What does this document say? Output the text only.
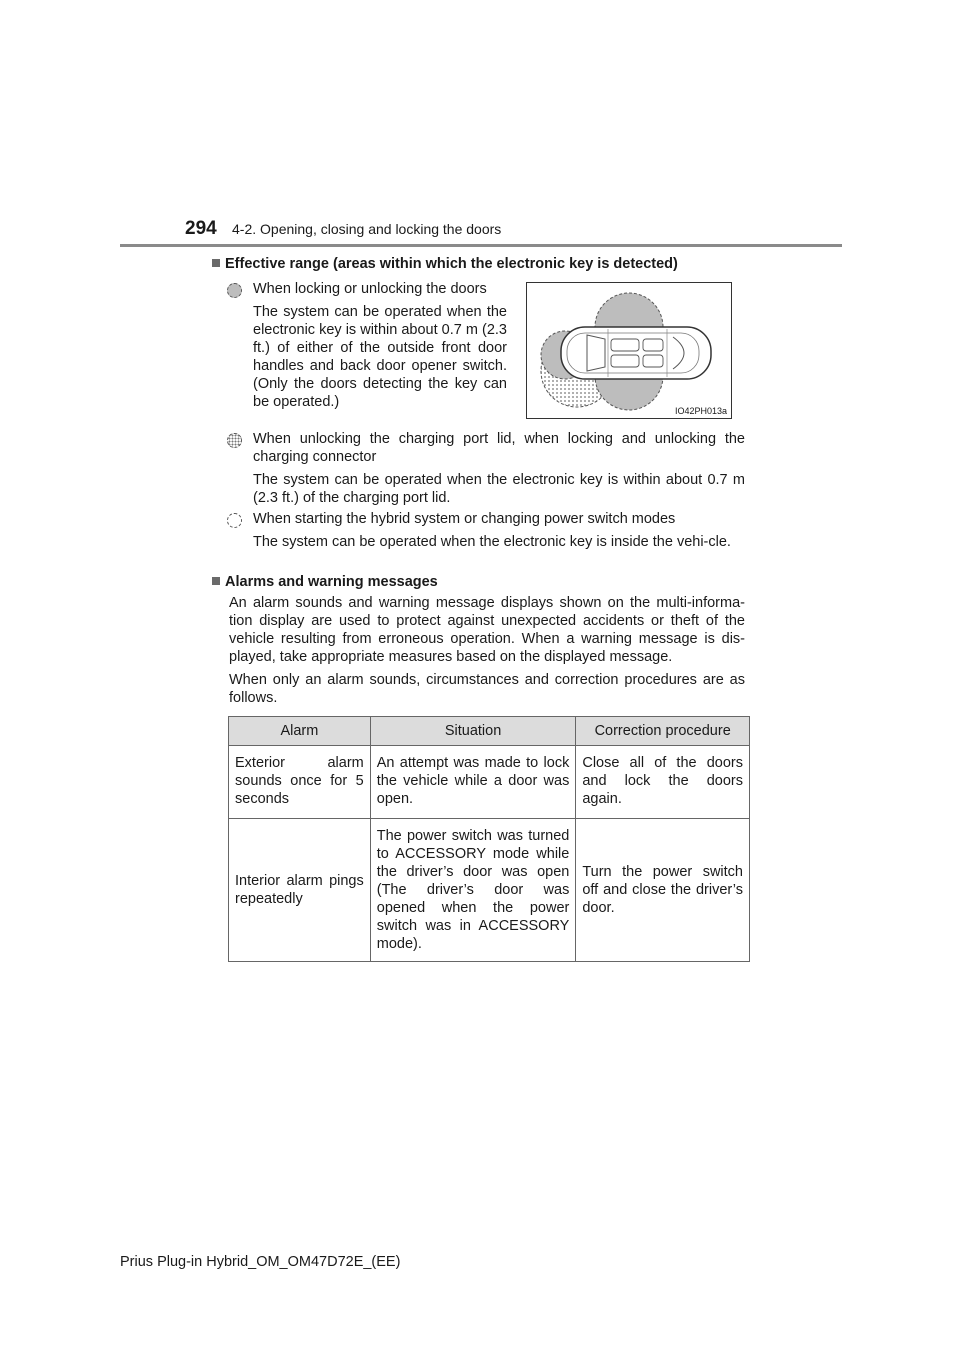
294 4-2. Opening, closing and locking the doors
Effective range (areas within which the electronic key is detected)
When locking or unlocking the doors

The system can be operated when the electronic key is within about 0.7 m (2.3 ft.) of either of the outside front door handles and back door opener switch. (Only the doors detecting the key can be operated.)

IO42PH013a

When unlocking the charging port lid, when locking and unlocking the charging connector

The system can be operated when the electronic key is within about 0.7 m (2.3 ft.) of the charging port lid.

When starting the hybrid system or changing power switch modes

The system can be operated when the electronic key is inside the vehi-cle.

Alarms and warning messages

An alarm sounds and warning message displays shown on the multi-informa-tion display are used to protect against unexpected accidents or theft of the vehicle resulting from erroneous operation. When a warning message is dis-played, take appropriate measures based on the displayed message.

When only an alarm sounds, circumstances and correction procedures are as follows.

Alarm	Situation	Correction procedure
Exterior alarm sounds once for 5 seconds	An attempt was made to lock the vehicle while a door was open.	Close all of the doors and lock the doors again.
Interior alarm pings repeatedly	The power switch was turned to ACCESSORY mode while the driver’s door was open (The driver’s door was opened when the power switch was in ACCESSORY mode).	Turn the power switch off and close the driver’s door.
Prius Plug-in Hybrid_OM_OM47D72E_(EE)
